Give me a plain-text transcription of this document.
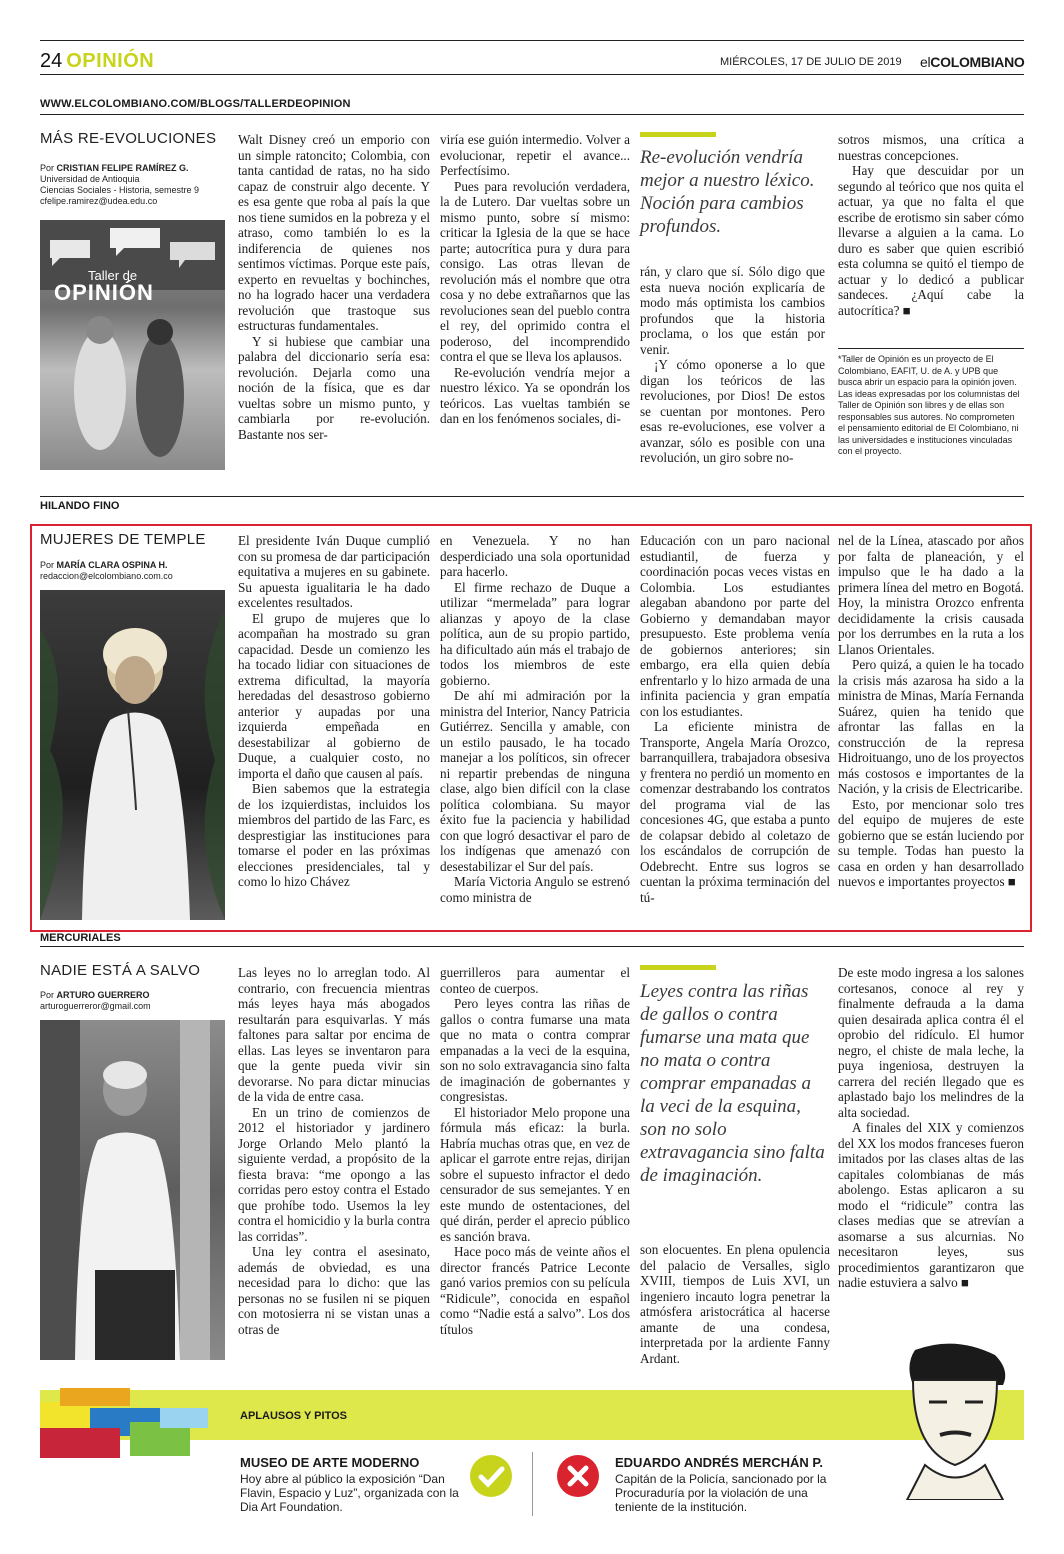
24 OPINIÓN	MIÉRCOLES, 17 DE JULIO DE 2019 elCOLOMBIANO
WWW.ELCOLOMBIANO.COM/BLOGS/TALLERDEOPINION
MÁS RE-EVOLUCIONES
Por CRISTIAN FELIPE RAMÍREZ G.
Universidad de Antioquia
Ciencias Sociales - Historia, semestre 9
cfelipe.ramirez@udea.edu.co
Taller de
OPINIÓN

Walt Disney creó un emporio con un simple ratoncito; Colombia, con tanta cantidad de ratas, no ha sido capaz de construir algo decente. Y es esa gente que roba al país la que nos tiene sumidos en la pobreza y el atraso, como también lo es la indiferencia de quienes nos sentimos víctimas. Porque este país, experto en revueltas y bochinches, no ha logrado hacer una verdadera revolución que trastoque sus estructuras fundamentales.

Y si hubiese que cambiar una palabra del diccionario sería esa: revolución. Dejarla como una noción de la física, que es dar vueltas sobre un mismo punto, y cambiarla por re-evolución. Bastante nos ser-

viría ese guión intermedio. Volver a evolucionar, repetir el avance... Perfectísimo.

Pues para revolución verdadera, la de Lutero. Dar vueltas sobre un mismo punto, sobre sí mismo: criticar la Iglesia de la que se hace parte; autocrítica pura y dura para consigo. Las otras llevan de revolución más el nombre que otra cosa y no debe extrañarnos que las revoluciones sean del pueblo contra el rey, del oprimido contra el poderoso, del incomprendido contra el que se lleva los aplausos.

Re-evolución vendría mejor a nuestro léxico. Ya se opondrán los teóricos. Las vueltas también se dan en los fenómenos sociales, di-

Re-evolución vendría mejor a nuestro léxico. Noción para cambios profundos.

rán, y claro que sí. Sólo digo que esta nueva noción explicaría de modo más optimista los cambios profundos que la historia proclama, o los que están por venir.

¡Y cómo oponerse a lo que digan los teóricos de las revoluciones, por Dios! De estos se cuentan por montones. Pero esas re-evoluciones, ese volver a avanzar, sólo es posible con una revolución, un giro sobre no-

sotros mismos, una crítica a nuestras concepciones.

Hay que descuidar por un segundo al teórico que nos quita el actuar, ya que no falta el que escribe de erotismo sin saber cómo llevarse a alguien a la cama. Lo duro es saber que quien escribió esta columna se quitó el tiempo de actuar y lo dedicó a publicar sandeces. ¿Aquí cabe la autocrítica? ■

*Taller de Opinión es un proyecto de El Colombiano, EAFIT, U. de A. y UPB que busca abrir un espacio para la opinión joven. Las ideas expresadas por los columnistas del Taller de Opinión son libres y de ellas son responsables sus autores. No comprometen el pensamiento editorial de El Colombiano, ni las universidades e instituciones vinculadas con el proyecto.
HILANDO FINO
MUJERES DE TEMPLE
Por MARÍA CLARA OSPINA H.
redaccion@elcolombiano.com.co

El presidente Iván Duque cumplió con su promesa de dar participación equitativa a mujeres en su gabinete. Su apuesta igualitaria le ha dado excelentes resultados.

El grupo de mujeres que lo acompañan ha mostrado su gran capacidad. Desde un comienzo les ha tocado lidiar con situaciones de extrema dificultad, la mayoría heredadas del desastroso gobierno anterior y aupadas por una izquierda empeñada en desestabilizar al gobierno de Duque, a cualquier costo, no importa el daño que causen al país.

Bien sabemos que la estrategia de los izquierdistas, incluidos los miembros del partido de las Farc, es desprestigiar las instituciones para tomarse el poder en las próximas elecciones presidenciales, tal y como lo hizo Chávez

en Venezuela. Y no han desperdiciado una sola oportunidad para hacerlo.

El firme rechazo de Duque a utilizar “mermelada” para lograr alianzas y apoyo de la clase política, aun de su propio partido, ha dificultado aún más el trabajo de todos los miembros de este gobierno.

De ahí mi admiración por la ministra del Interior, Nancy Patricia Gutiérrez. Sencilla y amable, con un estilo pausado, le ha tocado manejar a los políticos, sin ofrecer ni repartir prebendas de ninguna clase, algo bien difícil con la clase política colombiana. Su mayor éxito fue la paciencia y habilidad con que logró desactivar el paro de los indígenas que amenazó con desestabilizar el Sur del país.

María Victoria Angulo se estrenó como ministra de

Educación con un paro nacional estudiantil, de fuerza y coordinación pocas veces vistas en Colombia. Los estudiantes alegaban abandono por parte del Gobierno y demandaban mayor presupuesto. Este problema venía de gobiernos anteriores; sin embargo, era ella quien debía enfrentarlo y lo hizo armada de una infinita paciencia y gran empatía con los estudiantes.

La eficiente ministra de Transporte, Angela María Orozco, barranquillera, trabajadora obsesiva y frentera no perdió un momento en comenzar destrabando los contratos del programa vial de las concesiones 4G, que estaba a punto de colapsar debido al coletazo de los escándalos de corrupción de Odebrecht. Entre sus logros se cuentan la próxima terminación del tú-

nel de la Línea, atascado por años por falta de planeación, y el impulso que le ha dado a la primera línea del metro en Bogotá. Hoy, la ministra Orozco enfrenta decididamente la crisis causada por los derrumbes en la ruta a los Llanos Orientales.

Pero quizá, a quien le ha tocado la crisis más azarosa ha sido a la ministra de Minas, María Fernanda Suárez, quien ha tenido que afrontar las fallas en la construcción de la represa Hidroituango, uno de los proyectos más costosos e importantes de la Nación, y la crisis de Electricaribe.

Esto, por mencionar solo tres del equipo de mujeres de este gobierno que se están luciendo por su temple. Todas han puesto la casa en orden y han desarrollado nuevos e importantes proyectos ■

MERCURIALES
NADIE ESTÁ A SALVO
Por ARTURO GUERRERO
arturoguerreror@gmail.com

Las leyes no lo arreglan todo. Al contrario, con frecuencia mientras más leyes haya más abogados resultarán para esquivarlas. Y más faltones para saltar por encima de ellas. Las leyes se inventaron para que la gente pueda vivir sin devorarse. No para dictar minucias de la vida de entre casa.

En un trino de comienzos de 2012 el historiador y jardinero Jorge Orlando Melo plantó la siguiente verdad, a propósito de la fiesta brava: “me opongo a las corridas pero estoy contra el Estado que prohíbe todo. Usemos la ley contra el homicidio y la burla contra las corridas”.

Una ley contra el asesinato, además de obviedad, es una necesidad para lo dicho: que las personas no se fusilen ni se piquen con motosierra ni se vistan unas a otras de

guerrilleros para aumentar el conteo de cuerpos.

Pero leyes contra las riñas de gallos o contra fumarse una mata que no mata o contra comprar empanadas a la veci de la esquina, son no solo extravagancia sino falta de imaginación de gobernantes y congresistas.

El historiador Melo propone una fórmula más eficaz: la burla. Habría muchas otras que, en vez de aplicar el garrote entre rejas, dirijan sobre el supuesto infractor el dedo censurador de sus semejantes. Y en este mundo de ostentaciones, del qué dirán, perder el aprecio público es sanción brava.

Hace poco más de veinte años el director francés Patrice Leconte ganó varios premios con su película “Ridicule”, conocida en español como “Nadie está a salvo”. Los dos títulos

Leyes contra las riñas de gallos o contra fumarse una mata que no mata o contra comprar empanadas a la veci de la esquina, son no solo extravagancia sino falta de imaginación.

son elocuentes. En plena opulencia del palacio de Versalles, siglo XVIII, tiempos de Luis XVI, un ingeniero incauto logra penetrar la atmósfera aristocrática al hacerse amante de una condesa, interpretada por la ardiente Fanny Ardant.

De este modo ingresa a los salones cortesanos, conoce al rey y finalmente defrauda a la dama quien desairada aplica contra él el oprobio del ridículo. El humor negro, el chiste de mala leche, la puya ingeniosa, destruyen la carrera del recién llegado que es aplastado bajo los melindres de la alta sociedad.

A finales del XIX y comienzos del XX los modos franceses fueron imitados por las clases altas de las capitales colombianas de más abolengo. Estas aplicaron a su modo el “ridicule” contra las clases medias que se atrevían a asomarse a sus alcurnias. No necesitaron leyes, sus procedimientos garantizaron que nadie estuviera a salvo ■

APLAUSOS Y PITOS
MUSEO DE ARTE MODERNO
Hoy abre al público la exposición “Dan Flavin, Espacio y Luz”, organizada con la Dia Art Foundation.
EDUARDO ANDRÉS MERCHÁN P.
Capitán de la Policía, sancionado por la Procuraduría por la violación de una teniente de la institución.
